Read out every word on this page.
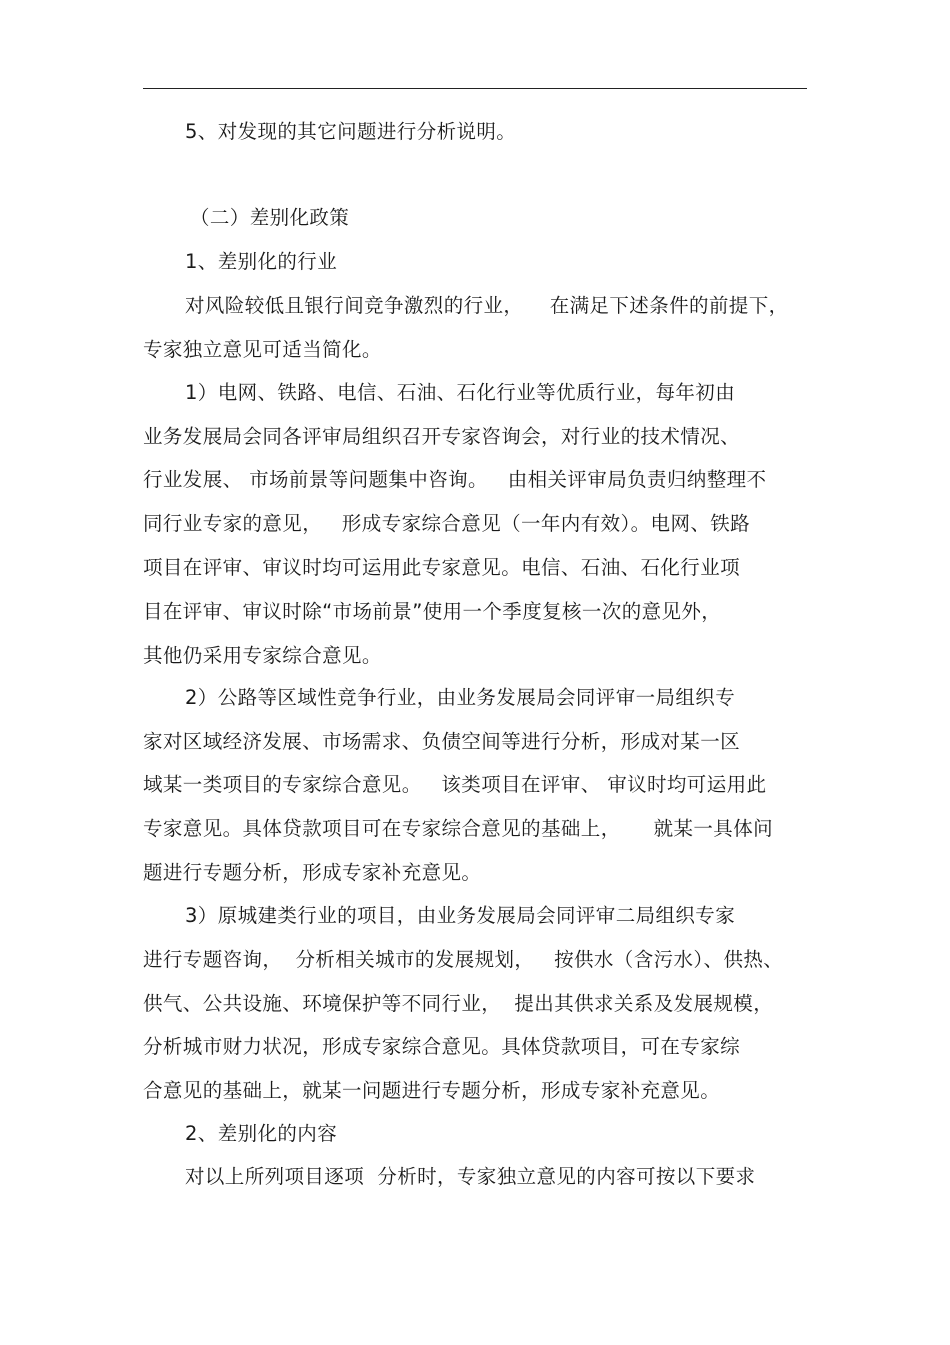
5、对发现的其它问题进行分析说明。
（二）差别化政策
1、差别化的行业
对风险较低且银行间竞争激烈的行业，    在满足下述条件的前提下，
专家独立意见可适当简化。
1）电网、铁路、电信、石油、石化行业等优质行业，每年初由
业务发展局会同各评审局组织召开专家咨询会，对行业的技术情况、
行业发展、 市场前景等问题集中咨询。   由相关评审局负责归纳整理不
同行业专家的意见，   形成专家综合意见（一年内有效）。电网、铁路
项目在评审、审议时均可运用此专家意见。电信、石油、石化行业项
目在评审、审议时除“市场前景”使用一个季度复核一次的意见外，
其他仍采用专家综合意见。
2）公路等区域性竞争行业，由业务发展局会同评审一局组织专
家对区域经济发展、市场需求、负债空间等进行分析，形成对某一区
域某一类项目的专家综合意见。   该类项目在评审、 审议时均可运用此
专家意见。具体贷款项目可在专家综合意见的基础上，     就某一具体问
题进行专题分析，形成专家补充意见。
3）原城建类行业的项目，由业务发展局会同评审二局组织专家
进行专题咨询，  分析相关城市的发展规划，   按供水（含污水）、供热、
供气、公共设施、环境保护等不同行业，  提出其供求关系及发展规模，
分析城市财力状况，形成专家综合意见。具体贷款项目，可在专家综
合意见的基础上，就某一问题进行专题分析，形成专家补充意见。
2、差别化的内容
对以上所列项目逐项  分析时，专家独立意见的内容可按以下要求
